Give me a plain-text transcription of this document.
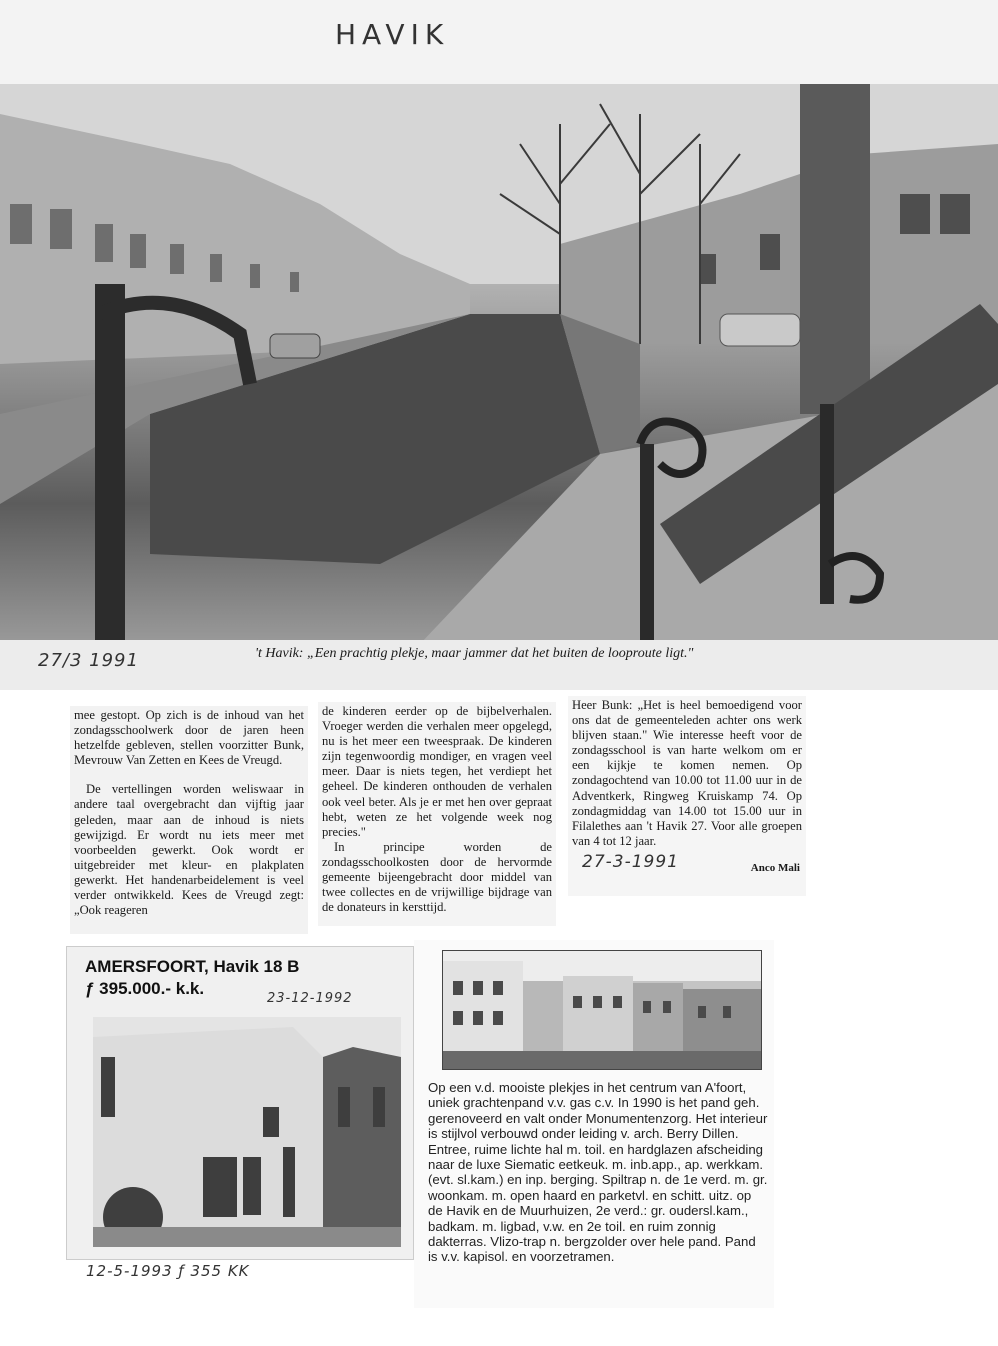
HAVIK
27/3 1991	't Havik: „Een prachtig plekje, maar jammer dat het buiten de looproute ligt."

mee gestopt. Op zich is de inhoud van het zondagsschoolwerk door de jaren heen hetzelfde gebleven, stellen voorzitter Bunk, Mevrouw Van Zetten en Kees de Vreugd.

De vertellingen worden weliswaar in andere taal overgebracht dan vijftig jaar geleden, maar aan de inhoud is niets gewijzigd. Er wordt nu iets meer met voorbeelden gewerkt. Ook wordt er uitgebreider met kleur- en plakplaten gewerkt. Het handenarbeidelement is veel verder ontwikkeld. Kees de Vreugd zegt: „Ook reageren

de kinderen eerder op de bijbelverhalen. Vroeger werden die verhalen meer opgelegd, nu is het meer een tweespraak. De kinderen zijn tegenwoordig mondiger, en vragen veel meer. Daar is niets tegen, het verdiept het geheel. De kinderen onthouden de verhalen ook veel beter. Als je er met hen over gepraat hebt, weten ze het volgende week nog precies."

In principe worden de zondagsschoolkosten door de hervormde gemeente bijeengebracht door middel van twee collectes en de vrijwillige bijdrage van de donateurs in kersttijd.

Heer Bunk: „Het is heel bemoedigend voor ons dat de gemeenteleden achter ons werk blijven staan." Wie interesse heeft voor de zondagsschool is van harte welkom om er een kijkje te komen nemen. Op zondagochtend van 10.00 tot 11.00 uur in de Adventkerk, Ringweg Kruiskamp 74. Op zondagmiddag van 14.00 tot 15.00 uur in Filalethes aan 't Havik 27. Voor alle groepen van 4 tot 12 jaar.

27-3-1991	Anco Mali
AMERSFOORT, Havik 18 B
ƒ 395.000.- k.k.
23-12-1992
12-5-1993 ƒ 355 KK
Op een v.d. mooiste plekjes in het centrum van A'foort, uniek grachtenpand v.v. gas c.v. In 1990 is het pand geh. gerenoveerd en valt onder Monumentenzorg. Het interieur is stijlvol verbouwd onder leiding v. arch. Berry Dillen. Entree, ruime lichte hal m. toil. en hardglazen afscheiding naar de luxe Siematic eetkeuk. m. inb.app., ap. werkkam.(evt. sl.kam.) en inp. berging. Spiltrap n. de 1e verd. m. gr. woonkam. m. open haard en parketvl. en schitt. uitz. op de Havik en de Muurhuizen, 2e verd.: gr. oudersl.kam., badkam. m. ligbad, v.w. en 2e toil. en ruim zonnig dakterras. Vlizo-trap n. bergzolder over hele pand. Pand is v.v. kapisol. en voorzetramen.
